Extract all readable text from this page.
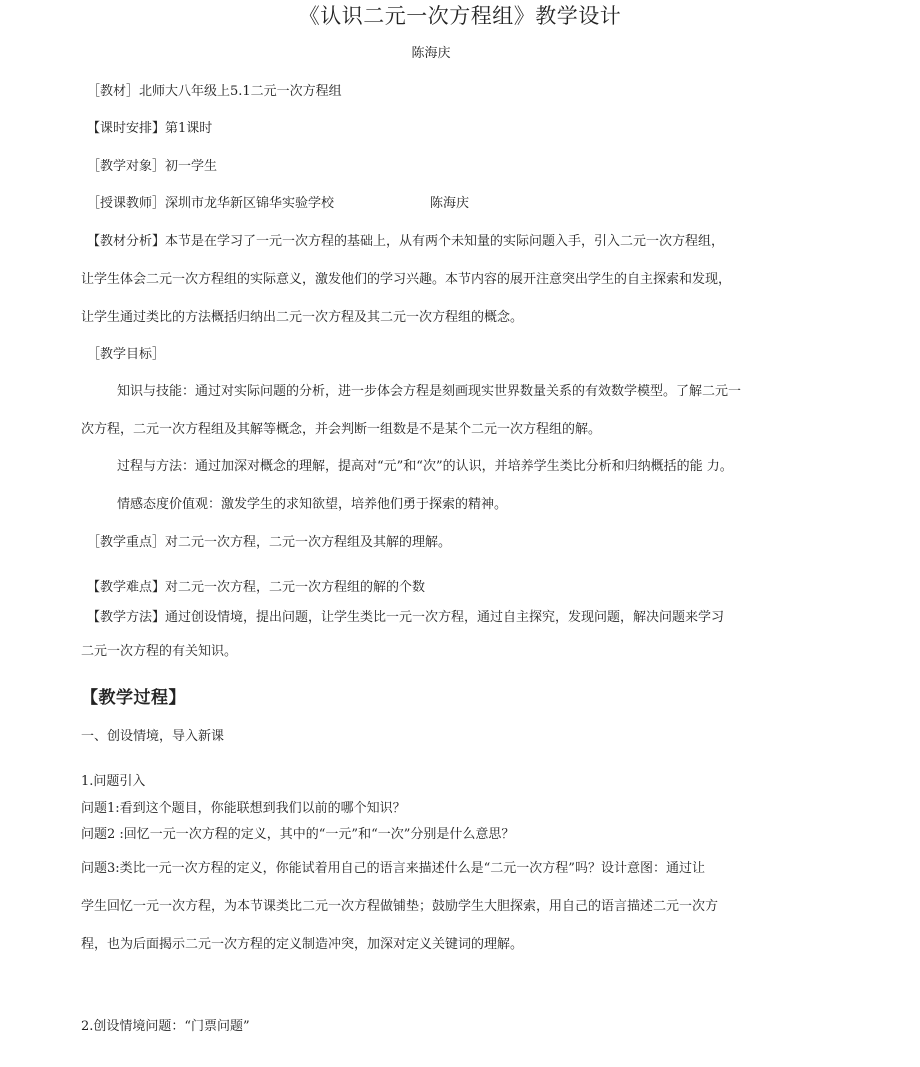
《认识二元一次方程组》教学设计
陈海庆
［教材］北师大八年级上5.1二元一次方程组
【课时安排】第1课时
［教学对象］初一学生
［授课教师］深圳市龙华新区锦华实验学校	陈海庆
【教材分析】本节是在学习了一元一次方程的基础上，从有两个未知量的实际问题入手，引入二元一次方程组，
让学生体会二元一次方程组的实际意义，激发他们的学习兴趣。本节内容的展开注意突出学生的自主探索和发现，
让学生通过类比的方法概括归纳出二元一次方程及其二元一次方程组的概念。
［教学目标］
知识与技能：通过对实际问题的分析，进一步体会方程是刻画现实世界数量关系的有效数学模型。了解二元一
次方程，二元一次方程组及其解等概念，并会判断一组数是不是某个二元一次方程组的解。
过程与方法：通过加深对概念的理解，提高对“元”和“次”的认识，并培养学生类比分析和归纳概括的能 力。
情感态度价值观：激发学生的求知欲望，培养他们勇于探索的精神。
［教学重点］对二元一次方程，二元一次方程组及其解的理解。
【教学难点】对二元一次方程，二元一次方程组的解的个数
【教学方法】通过创设情境，提出问题，让学生类比一元一次方程，通过自主探究，发现问题，解决问题来学习
二元一次方程的有关知识。
【教学过程】
一、创设情境，导入新课
1.问题引入
问题1:看到这个题目，你能联想到我们以前的哪个知识？
问题2 :回忆一元一次方程的定义，其中的“一元”和“一次”分别是什么意思？
问题3:类比一元一次方程的定义，你能试着用自己的语言来描述什么是“二元一次方程”吗？设计意图：通过让
学生回忆一元一次方程，为本节课类比二元一次方程做铺垫；鼓励学生大胆探索，用自己的语言描述二元一次方
程，也为后面揭示二元一次方程的定义制造冲突，加深对定义关键词的理解。
2.创设情境问题：“门票问题”
